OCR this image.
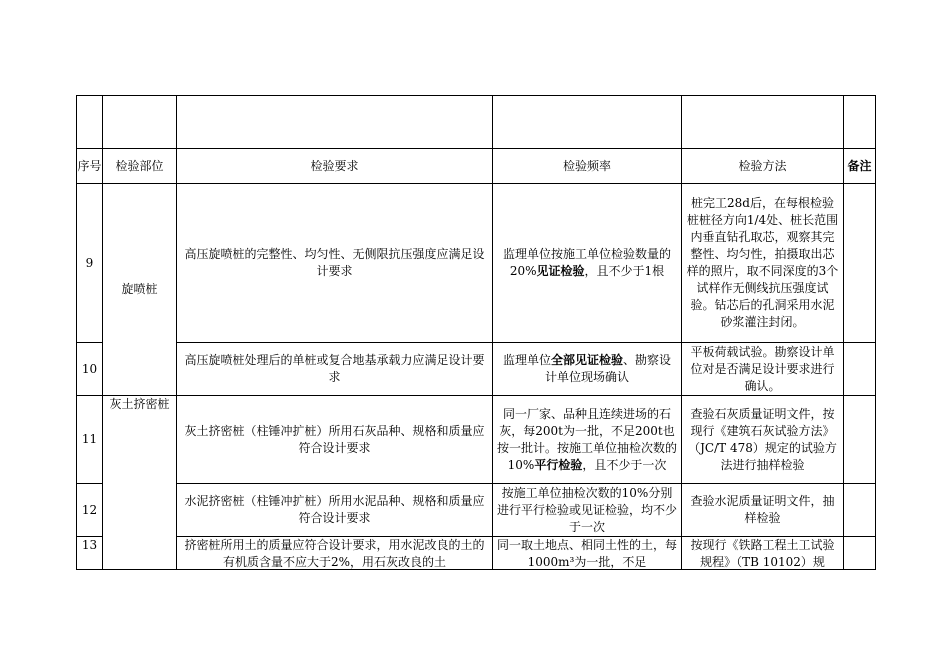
序号	检验部位	检验要求	检验频率	检验方法	备注
9	旋喷桩	高压旋喷桩的完整性、均匀性、无侧限抗压强度应满足设计要求	监理单位按施工单位检验数量的20%见证检验，且不少于1根	桩完工28d后，在每根检验桩桩径方向1/4处、桩长范围内垂直钻孔取芯，观察其完整性、均匀性，拍摄取出芯样的照片，取不同深度的3个试样作无侧线抗压强度试验。钻芯后的孔洞采用水泥砂浆灌注封闭。	
10		高压旋喷桩处理后的单桩或复合地基承载力应满足设计要求	监理单位全部见证检验、勘察设计单位现场确认	平板荷载试验。勘察设计单位对是否满足设计要求进行确认。	
11	灰土挤密桩	灰土挤密桩（柱锤冲扩桩）所用石灰品种、规格和质量应符合设计要求	同一厂家、品种且连续进场的石灰，每200t为一批，不足200t也按一批计。按施工单位抽检次数的10%平行检验，且不少于一次	查验石灰质量证明文件，按现行《建筑石灰试验方法》（JC/T 478）规定的试验方法进行抽样检验	
12		水泥挤密桩（柱锤冲扩桩）所用水泥品种、规格和质量应符合设计要求	按施工单位抽检次数的10%分别进行平行检验或见证检验，均不少于一次	查验水泥质量证明文件，抽样检验	
13		挤密桩所用土的质量应符合设计要求，用水泥改良的土的有机质含量不应大于2%，用石灰改良的土	同一取土地点、相同土性的土，每1000m³为一批，不足	按现行《铁路工程土工试验规程》（TB 10102）规	
